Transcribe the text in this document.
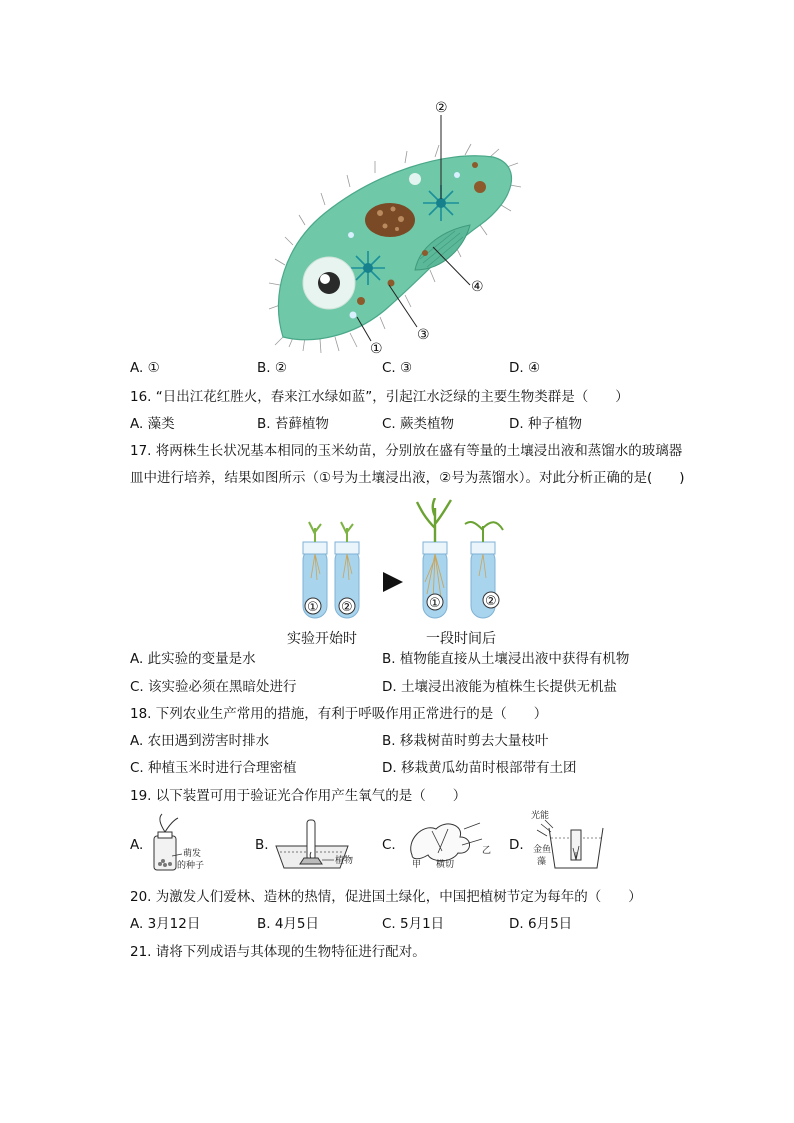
②
④
③
①
A. ①	B. ②	C. ③	D. ④
16. “日出江花红胜火，春来江水绿如蓝”，引起江水泛绿的主要生物类群是（　　）
A. 藻类	B. 苔藓植物	C. 蕨类植物	D. 种子植物
17. 将两株生长状况基本相同的玉米幼苗，分别放在盛有等量的土壤浸出液和蒸馏水的玻璃器
皿中进行培养，结果如图所示（①号为土壤浸出液，②号为蒸馏水）。对此分析正确的是(　　)
① ②	①	②
实验开始时	一段时间后
A. 此实验的变量是水	B. 植物能直接从土壤浸出液中获得有机物
C. 该实验必须在黑暗处进行	D. 土壤浸出液能为植株生长提供无机盐
18. 下列农业生产常用的措施，有利于呼吸作用正常进行的是（　　）
A. 农田遇到涝害时排水	B. 移栽树苗时剪去大量枝叶
C. 种植玉米时进行合理密植	D. 移栽黄瓜幼苗时根部带有土团
19. 以下装置可用于验证光合作用产生氧气的是（　　）
A.
萌发
的种子
B.
植物
C.
甲 横切
乙 D.
光能
金鱼
藻
20. 为激发人们爱林、造林的热情，促进国土绿化，中国把植树节定为每年的（　　）
A. 3月12日	B. 4月5日	C. 5月1日	D. 6月5日
21. 请将下列成语与其体现的生物特征进行配对。
